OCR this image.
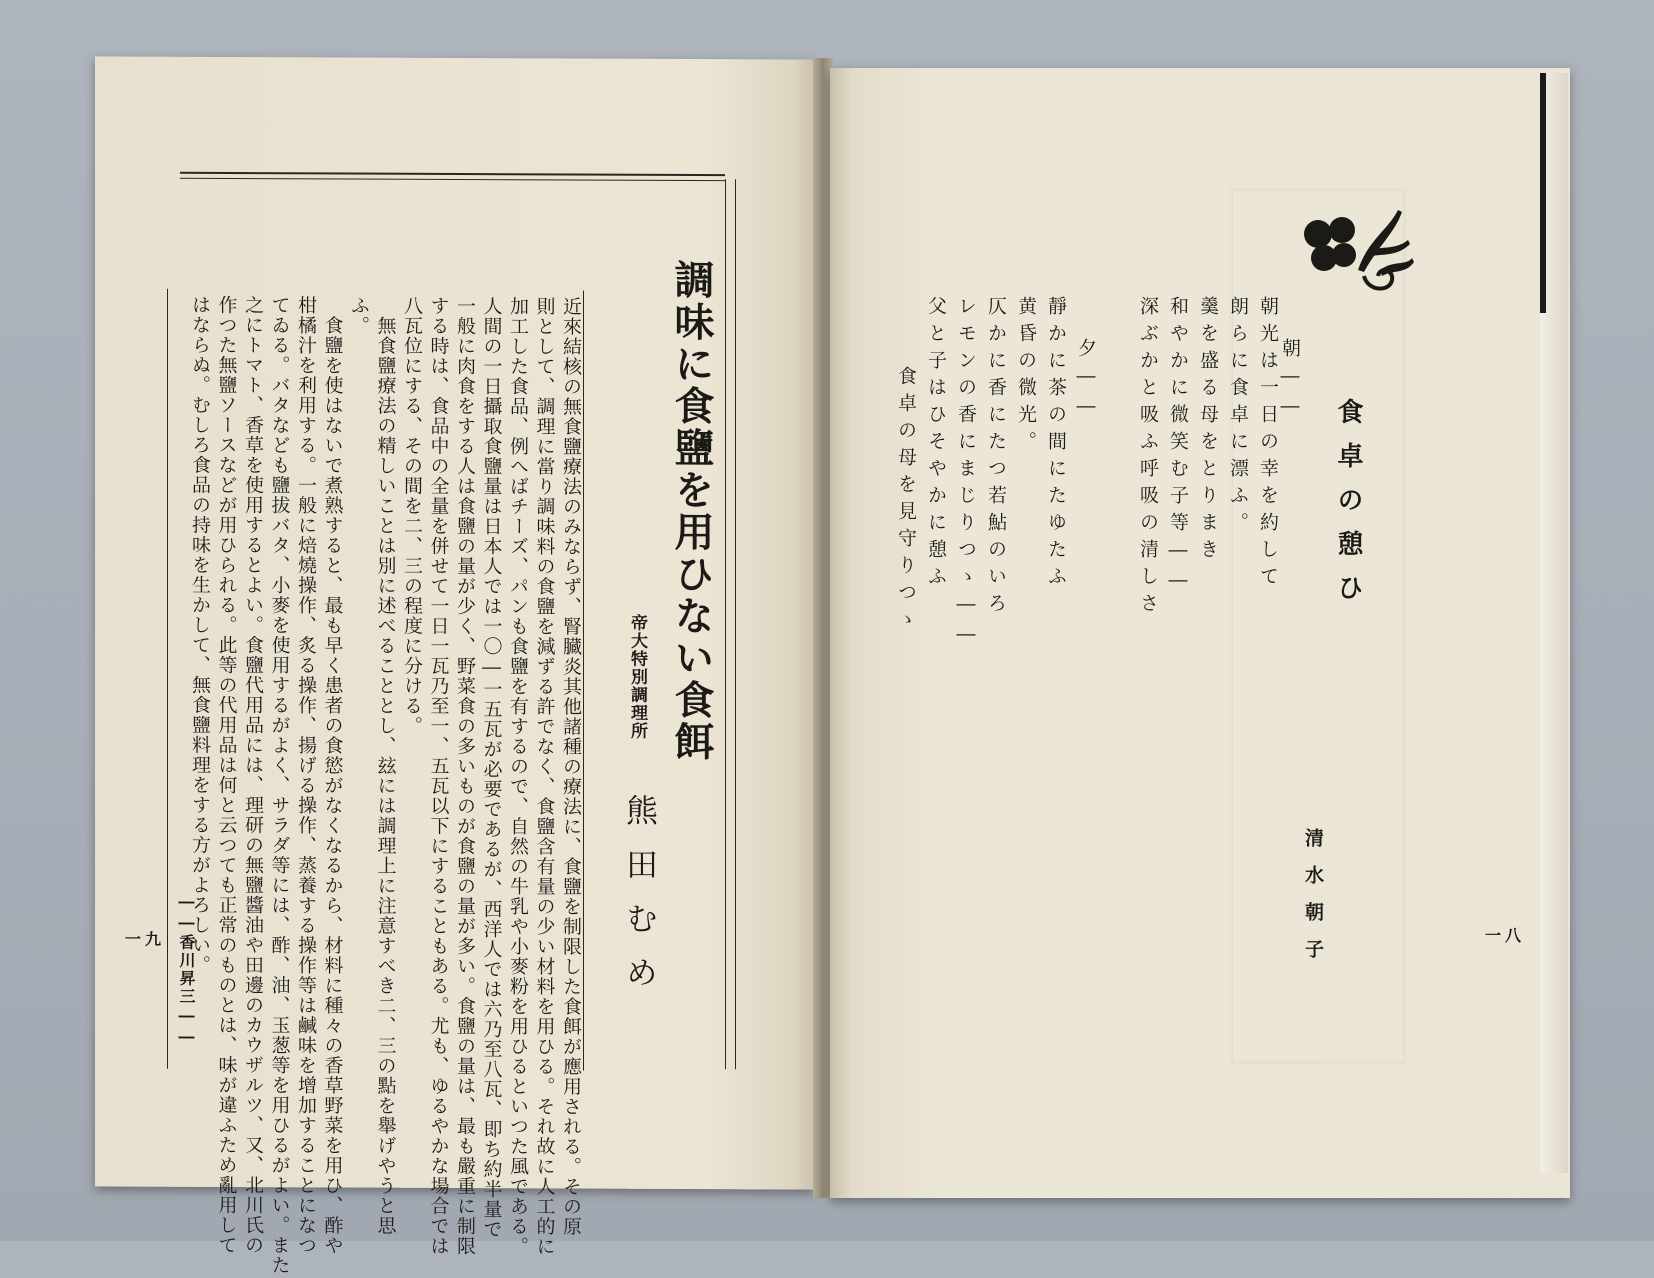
調味に食鹽を用ひない食餌
帝大特別調理所
熊田むめ
近來結核の無食鹽療法のみならず、腎臓炎其他諸種の療法に、食鹽を制限した食餌が應用される。その原
則として、調理に當り調味料の食鹽を減ずる許でなく、食鹽含有量の少い材料を用ひる。それ故に人工的に
加工した食品、例へばチーズ、パンも食鹽を有するので、自然の牛乳や小麥粉を用ひるといつた風である。
人間の一日攝取食鹽量は日本人では一〇―一五瓦が必要であるが、西洋人では六乃至八瓦、即ち約半量で
一般に肉食をする人は食鹽の量が少く、野菜食の多いものが食鹽の量が多い。食鹽の量は、最も嚴重に制限
する時は、食品中の全量を併せて一日一瓦乃至一、五瓦以下にすることもある。尤も、ゆるやかな場合では
八瓦位にする、その間を二、三の程度に分ける。
無食鹽療法の精しいことは別に述べることとし、玆には調理上に注意すべき二、三の點を舉げやうと思
ふ。
食鹽を使はないで煮熟すると、最も早く患者の食慾がなくなるから、材料に種々の香草野菜を用ひ、酢や
柑橘汁を利用する。一般に焙燒操作、炙る操作、揚げる操作、蒸養する操作等は鹹味を增加することになつ
てゐる。バタなども鹽拔バタ、小麥を使用するがよく、サラダ等には、酢、油、玉葱等を用ひるがよい。また
之にトマト、香草を使用するとよい。食鹽代用品には、理研の無鹽醬油や田邊のカウザルツ、又、北川氏の
作つた無鹽ソースなどが用ひられる。此等の代用品は何と云つても正常のものとは、味が違ふため亂用して
はならぬ。むしろ食品の持味を生かして、無食鹽料理をする方がよろしい。
――香川昇三――
一九
朝――
朝光は一日の幸を約して
朗らに食卓に漂ふ。
羹を盛る母をとりまき
和やかに微笑む子等――
深ぶかと吸ふ呼吸の清しさ
夕――
靜かに茶の間にたゆたふ
黄昏の微光。
仄かに香にたつ若鮎のいろ
レモンの香にまじりつゝ――
父と子はひそやかに憩ふ
食卓の母を見守りつゝ	食卓の憩ひ
清水朝子	一八
